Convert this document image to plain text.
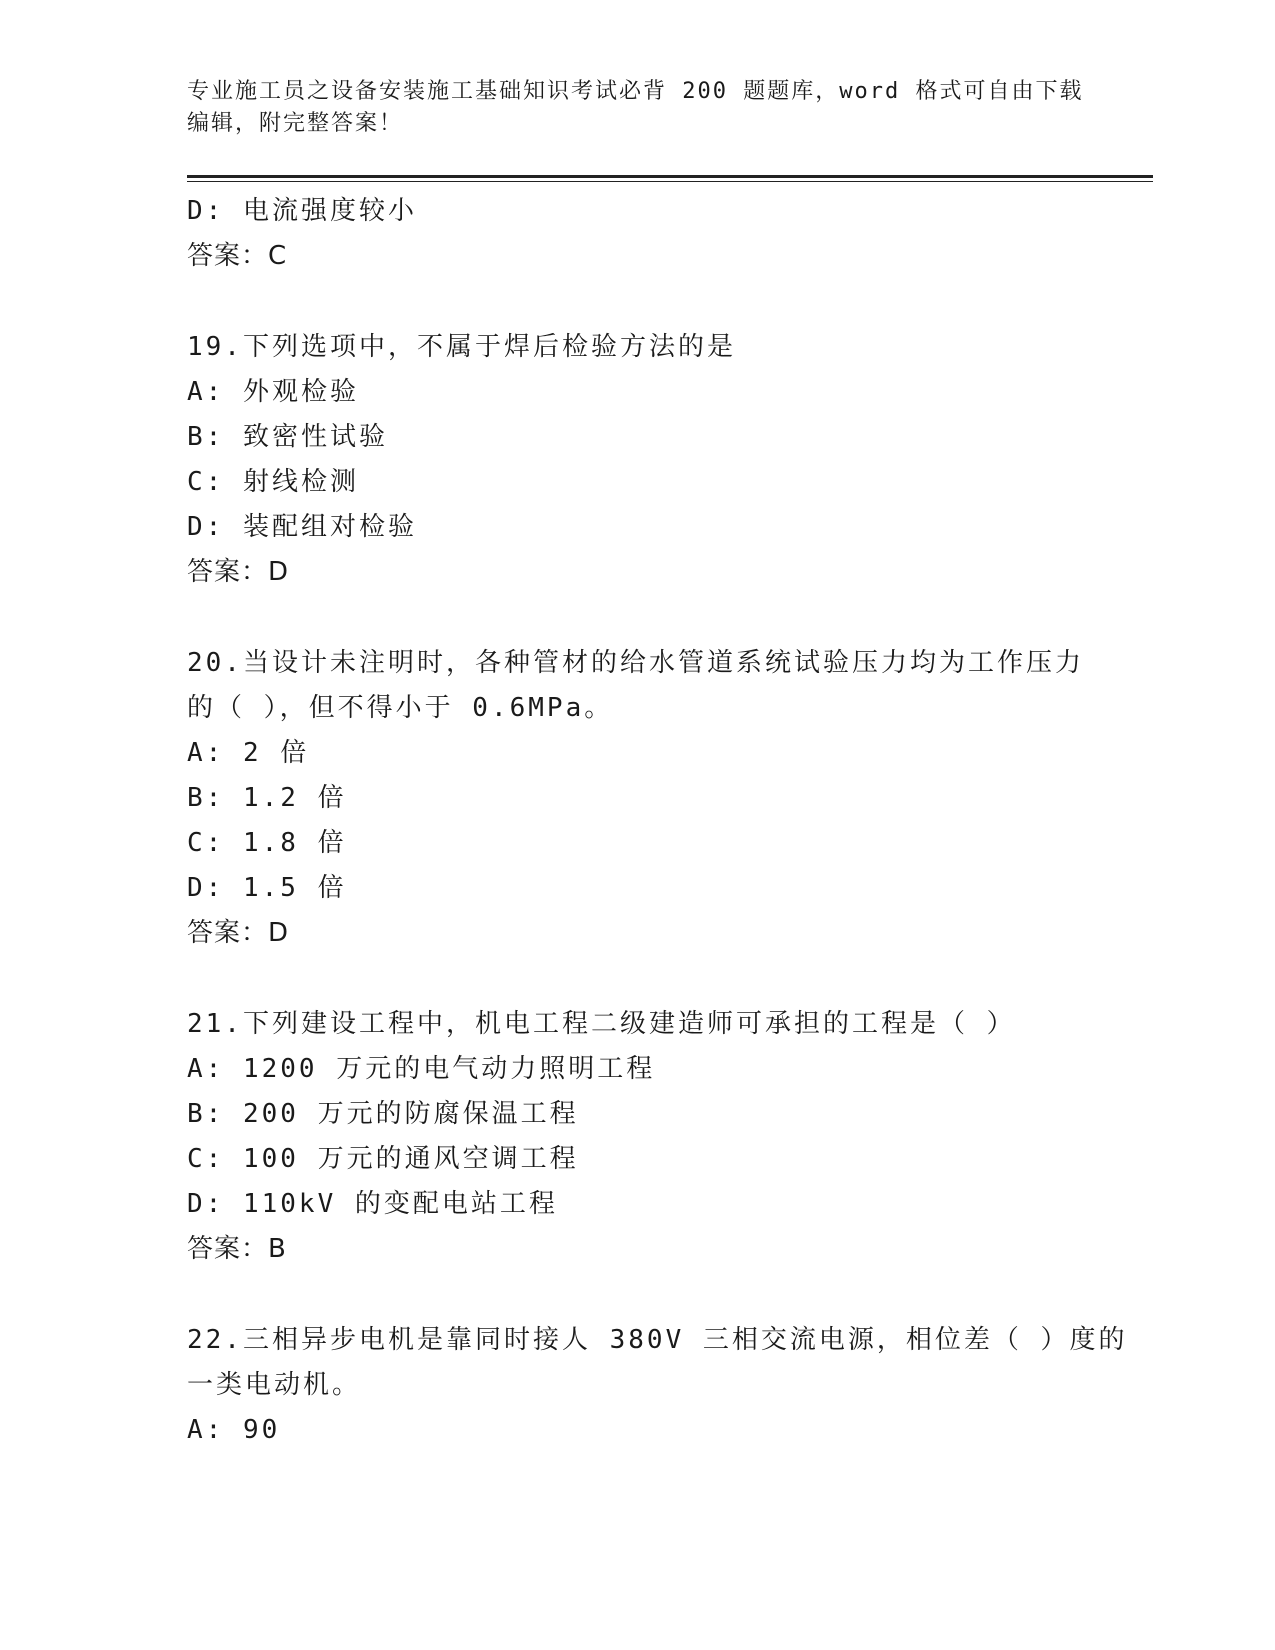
专业施工员之设备安装施工基础知识考试必背 200 题题库，word 格式可自由下载
编辑，附完整答案！
D: 电流强度较小
答案：C
19.下列选项中，不属于焊后检验方法的是
A: 外观检验
B: 致密性试验
C: 射线检测
D: 装配组对检验
答案：D
20.当设计未注明时，各种管材的给水管道系统试验压力均为工作压力
的（ ），但不得小于 0.6MPa。
A: 2 倍
B: 1.2 倍
C: 1.8 倍
D: 1.5 倍
答案：D
21.下列建设工程中，机电工程二级建造师可承担的工程是（ ）
A: 1200 万元的电气动力照明工程
B: 200 万元的防腐保温工程
C: 100 万元的通风空调工程
D: 110kV 的变配电站工程
答案：B
22.三相异步电机是靠同时接人 380V 三相交流电源，相位差（ ）度的
一类电动机。
A: 90
